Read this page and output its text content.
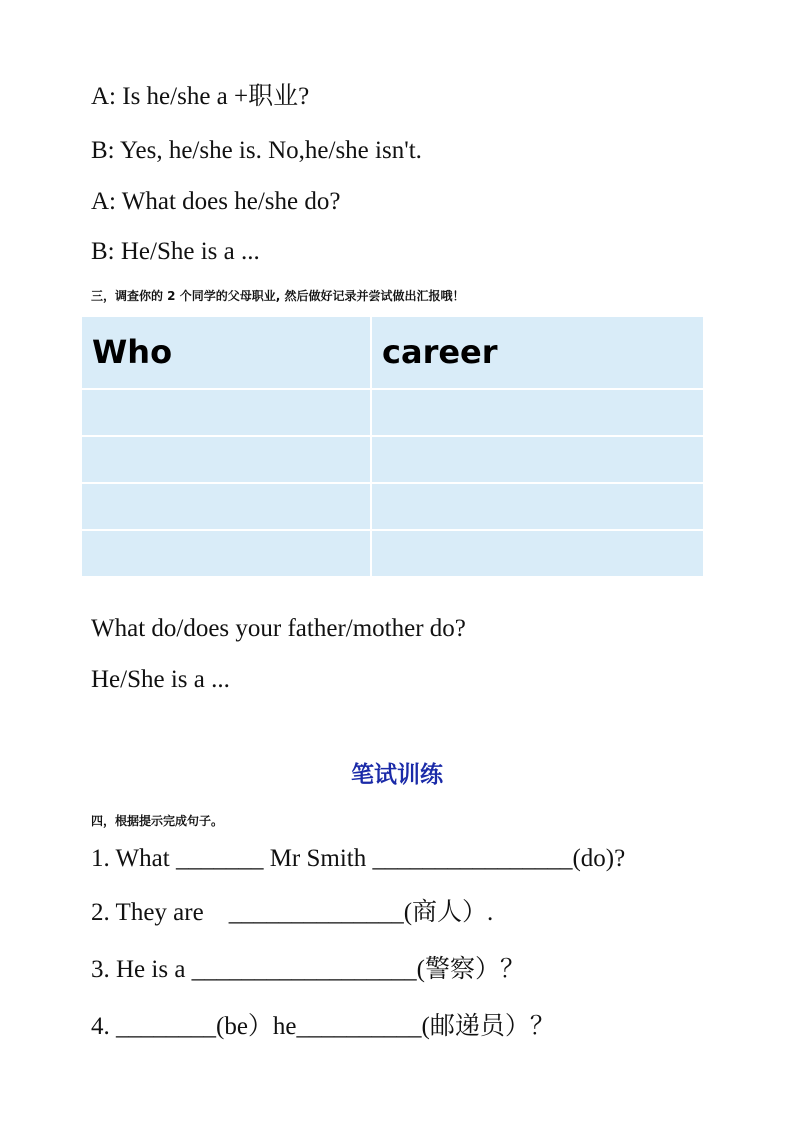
A: Is he/she a +职业?
B: Yes, he/she is. No,he/she isn't.
A: What does he/she do?
B: He/She is a ...
三，调查你的 2 个同学的父母职业, 然后做好记录并尝试做出汇报哦！
Who	career

What do/does your father/mother do?
He/She is a ...
笔试训练
四，根据提示完成句子。
1. What _______ Mr Smith ________________(do)?
2. They are    ______________(商人）.
3. He is a __________________(警察）？
4. ________(be）he__________(邮递员）？
